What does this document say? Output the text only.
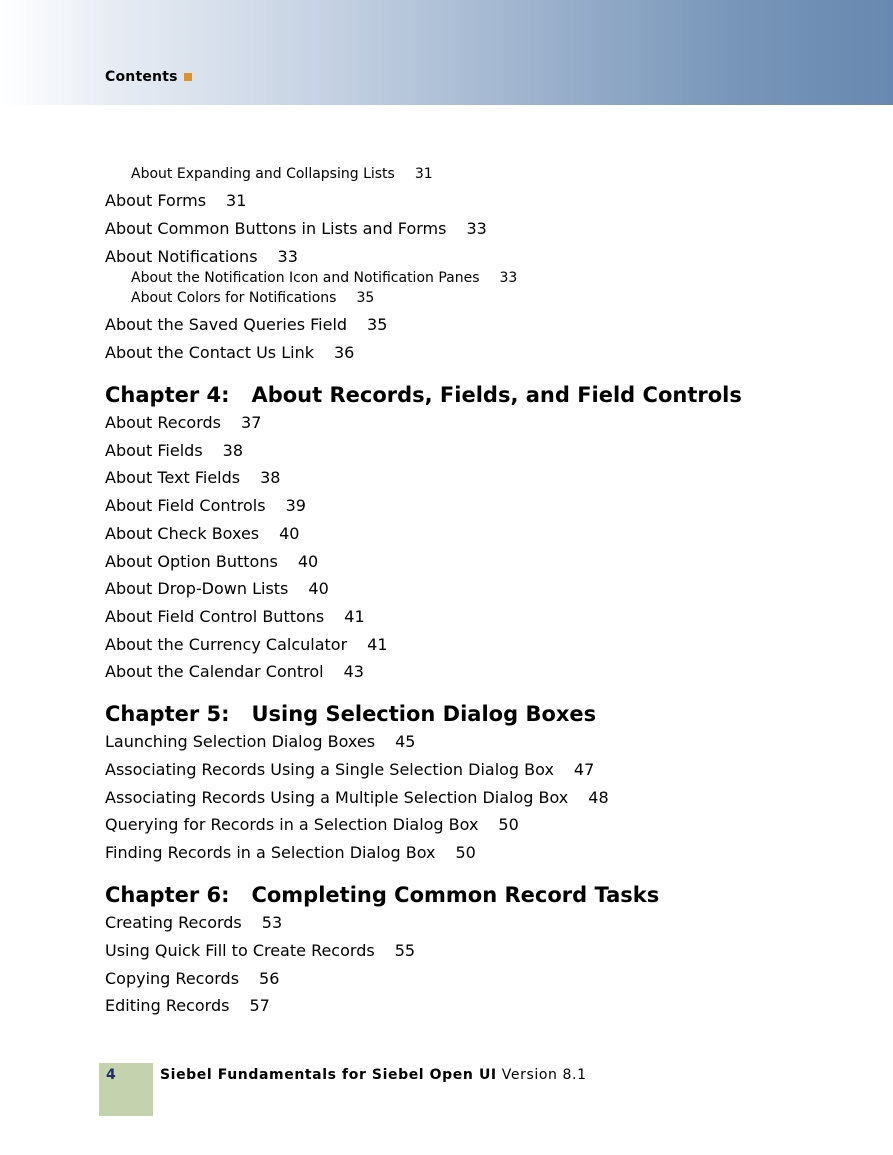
Contents
About Expanding and Collapsing Lists 31
About Forms 31
About Common Buttons in Lists and Forms 33
About Notifications 33
About the Notification Icon and Notification Panes 33
About Colors for Notifications 35
About the Saved Queries Field 35
About the Contact Us Link 36
Chapter 4:   About Records, Fields, and Field Controls
About Records 37
About Fields 38
About Text Fields 38
About Field Controls 39
About Check Boxes 40
About Option Buttons 40
About Drop-Down Lists 40
About Field Control Buttons 41
About the Currency Calculator 41
About the Calendar Control 43
Chapter 5:   Using Selection Dialog Boxes
Launching Selection Dialog Boxes 45
Associating Records Using a Single Selection Dialog Box 47
Associating Records Using a Multiple Selection Dialog Box 48
Querying for Records in a Selection Dialog Box 50
Finding Records in a Selection Dialog Box 50
Chapter 6:   Completing Common Record Tasks
Creating Records 53
Using Quick Fill to Create Records 55
Copying Records 56
Editing Records 57
4	Siebel Fundamentals for Siebel Open UI Version 8.1
